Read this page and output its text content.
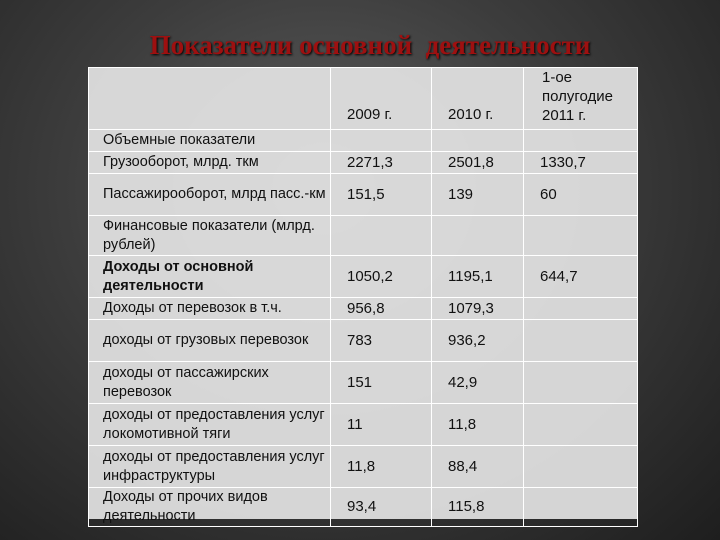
Показатели основной  деятельности
	2009 г.	2010 г.	1-ое полугодие 2011 г.
Объемные показатели			
Грузооборот, млрд. ткм	2271,3	2501,8	1330,7
Пассажирооборот, млрд пасс.-км	151,5	139	60
Финансовые показатели (млрд. рублей)			
Доходы от основной деятельности	1050,2	1195,1	644,7
Доходы от перевозок в т.ч.	956,8	1079,3	
доходы от грузовых перевозок	783	936,2	
доходы от пассажирских перевозок	151	42,9	
доходы от предоставления услуг локомотивной тяги	11	11,8	
доходы от предоставления услуг инфраструктуры	11,8	88,4	
Доходы от прочих видов деятельности	93,4	115,8	
